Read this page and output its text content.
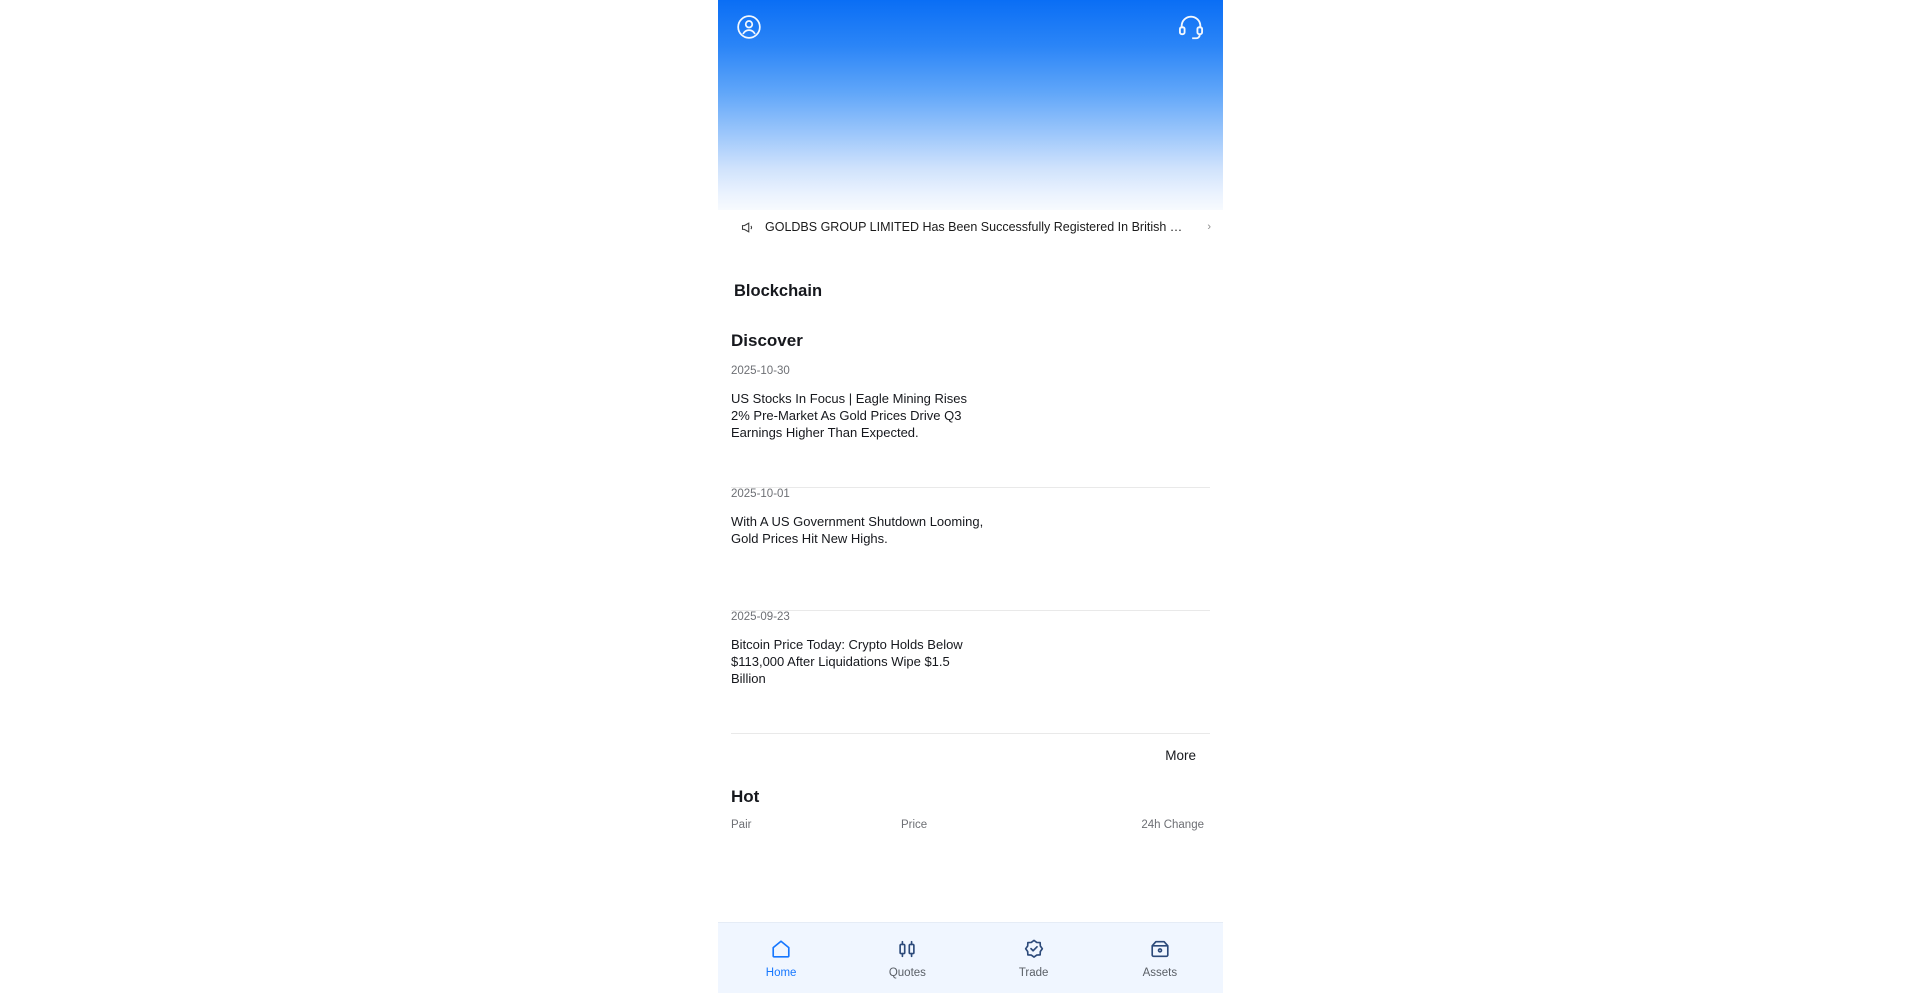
GOLDBS GROUP LIMITED Has Been Successfully Registered In British …	›
Blockchain
Discover
2025-10-30
US Stocks In Focus | Eagle Mining Rises 2% Pre-Market As Gold Prices Drive Q3 Earnings Higher Than Expected.
2025-10-01
With A US Government Shutdown Looming, Gold Prices Hit New Highs.
2025-09-23
Bitcoin Price Today: Crypto Holds Below $113,000 After Liquidations Wipe $1.5 Billion
More
Hot
Pair	Price	24h Change
Home	Quotes	Trade	Assets
